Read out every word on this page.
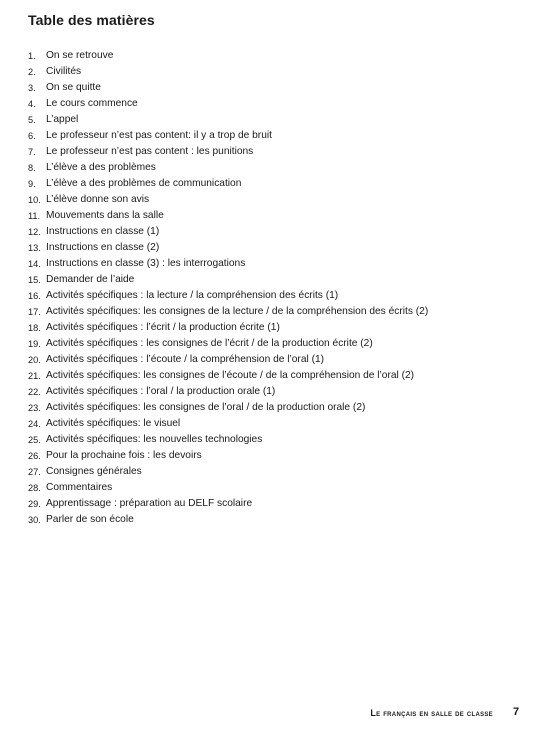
Table des matières
1.	On se retrouve
2.	Civilités
3.	On se quitte
4.	Le cours commence
5.	L’appel
6.	Le professeur n’est pas content: il y a trop de bruit
7.	Le professeur n’est pas content : les punitions
8.	L’élève a des problèmes
9.	L’élève a des problèmes de communication
10. L’élève donne son avis
11. Mouvements dans la salle
12. Instructions en classe (1)
13. Instructions en classe (2)
14. Instructions en classe (3) : les interrogations
15. Demander de l’aide
16. Activités spécifiques : la lecture / la compréhension des écrits (1)
17. Activités spécifiques: les consignes de la lecture / de la compréhension des écrits (2)
18. Activités spécifiques : l’écrit / la production écrite (1)
19. Activités spécifiques : les consignes de l’écrit / de la production écrite (2)
20. Activités spécifiques : l’écoute / la compréhension de l’oral (1)
21. Activités spécifiques: les consignes de l’écoute / de la compréhension de l’oral (2)
22. Activités spécifiques : l’oral / la production orale (1)
23. Activités spécifiques: les consignes de l’oral / de la production orale (2)
24. Activités spécifiques: le visuel
25. Activités spécifiques: les nouvelles technologies
26. Pour la prochaine fois : les devoirs
27. Consignes générales
28. Commentaires
29. Apprentissage : préparation au DELF scolaire
30. Parler de son école
Le français en salle de classe 7
